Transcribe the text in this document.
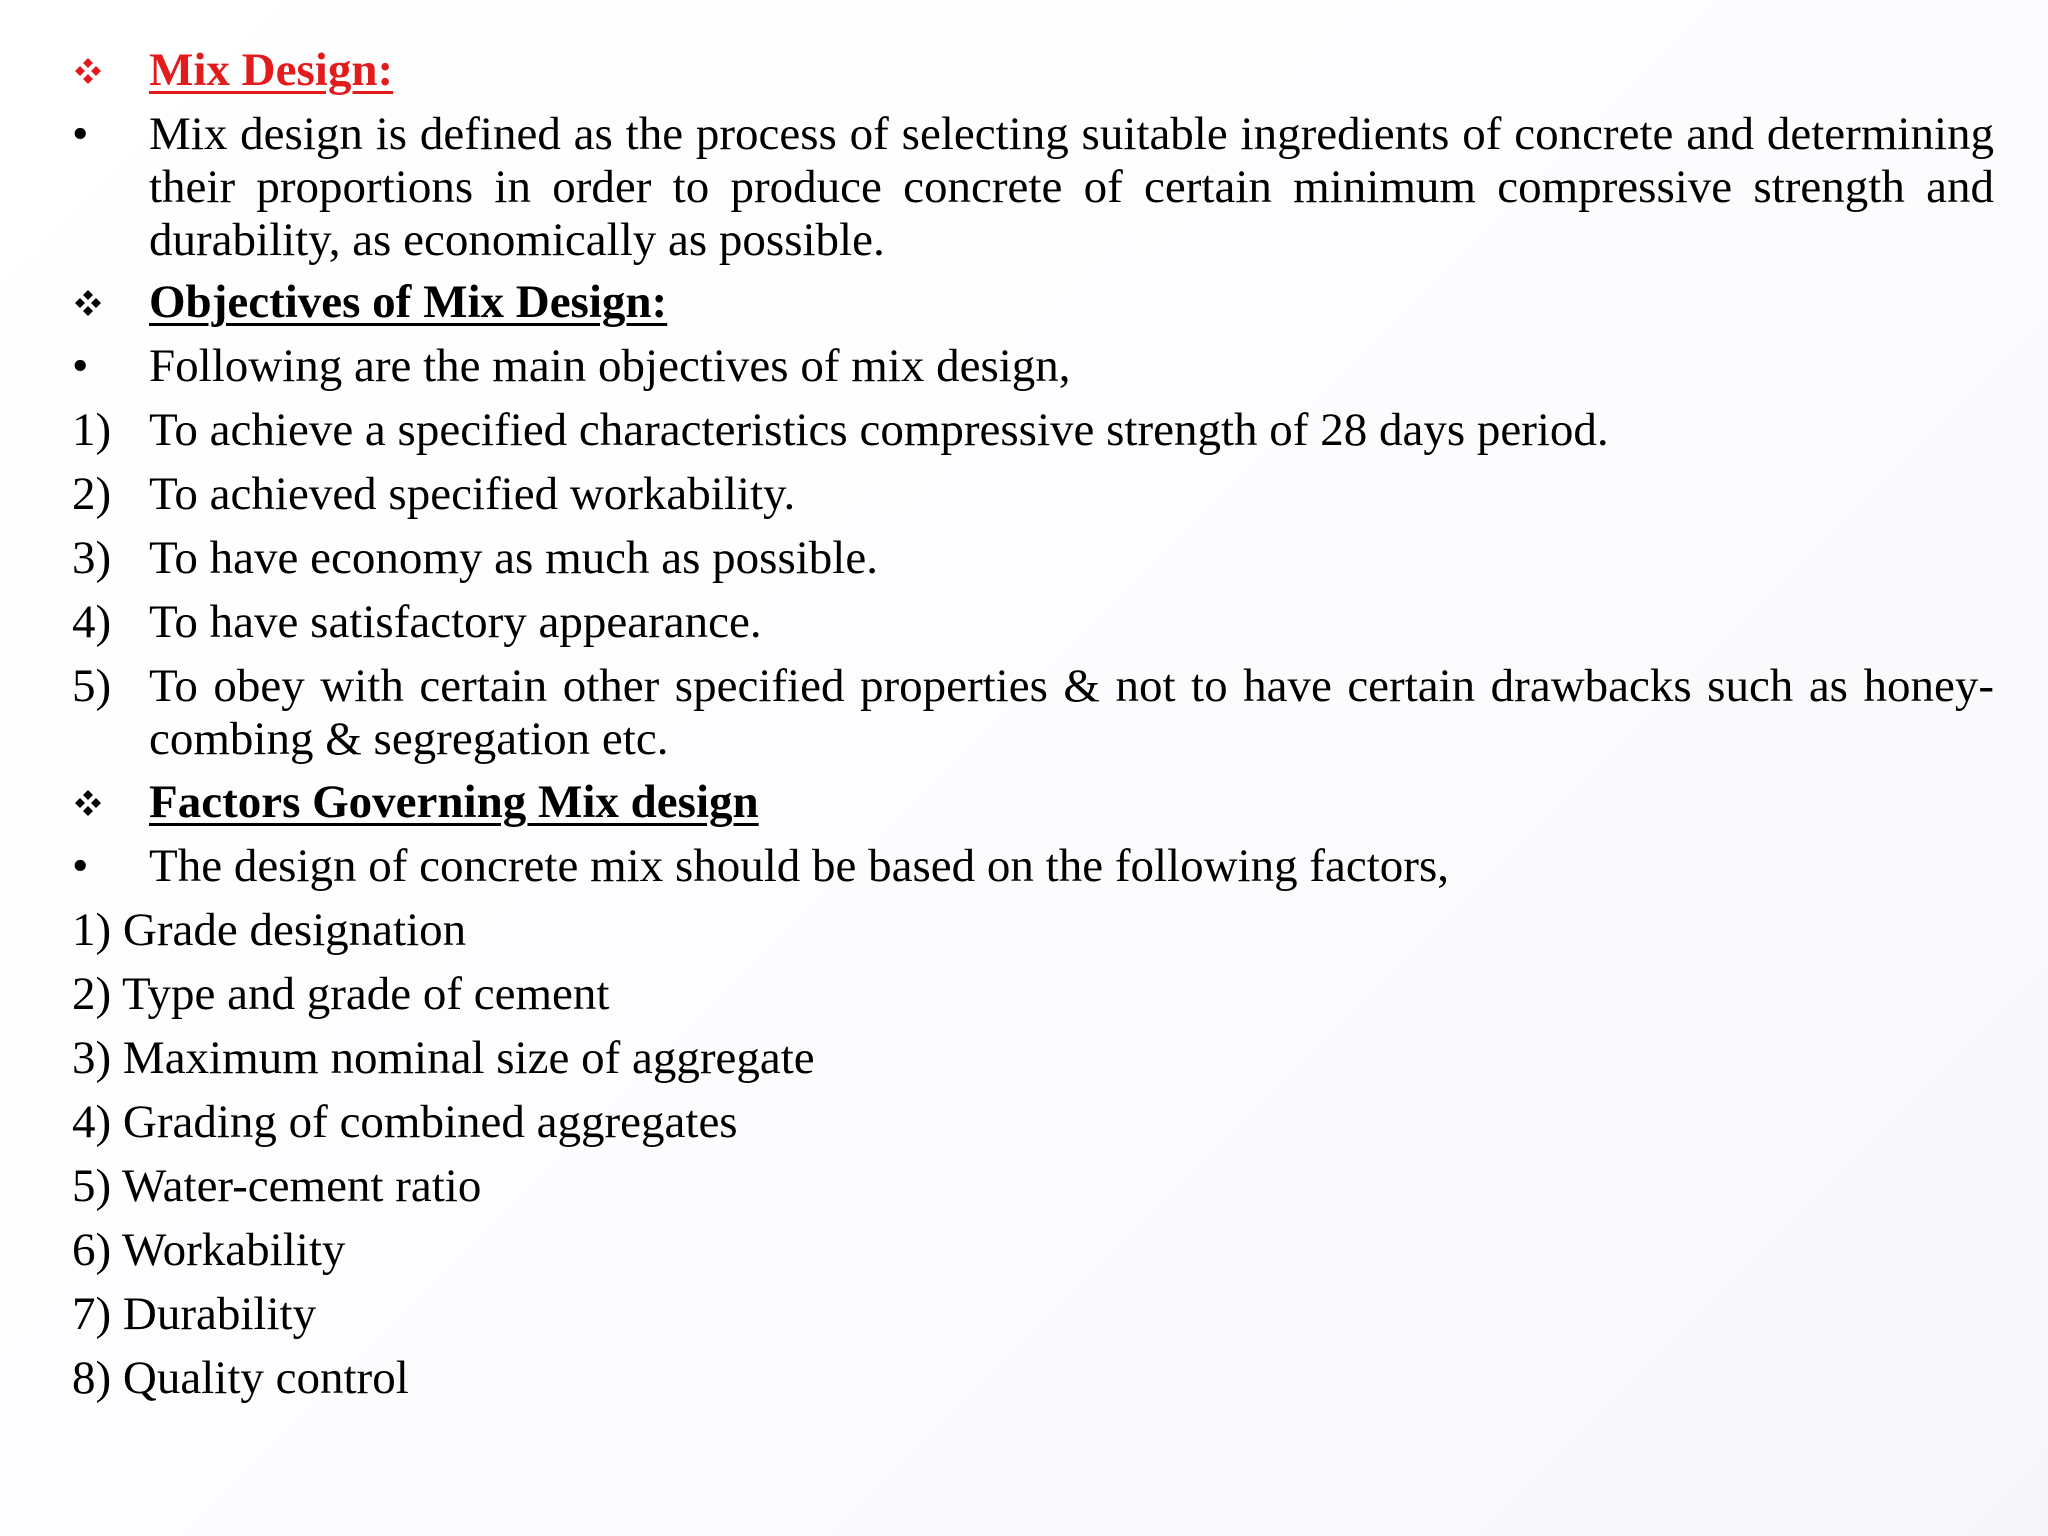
Mix Design:
• Mix design is defined as the process of selecting suitable ingredients of concrete and determining their proportions in order to produce concrete of certain minimum compressive strength and durability, as economically as possible.
Objectives of Mix Design:
• Following are the main objectives of mix design,
1) To achieve a specified characteristics compressive strength of 28 days period.
2) To achieved specified workability.
3) To have economy as much as possible.
4) To have satisfactory appearance.
5) To obey with certain other specified properties & not to have certain drawbacks such as honey-combing & segregation etc.
Factors Governing Mix design
• The design of concrete mix should be based on the following factors,
1) Grade designation
2) Type and grade of cement
3) Maximum nominal size of aggregate
4) Grading of combined aggregates
5) Water-cement ratio
6) Workability
7) Durability
8) Quality control
